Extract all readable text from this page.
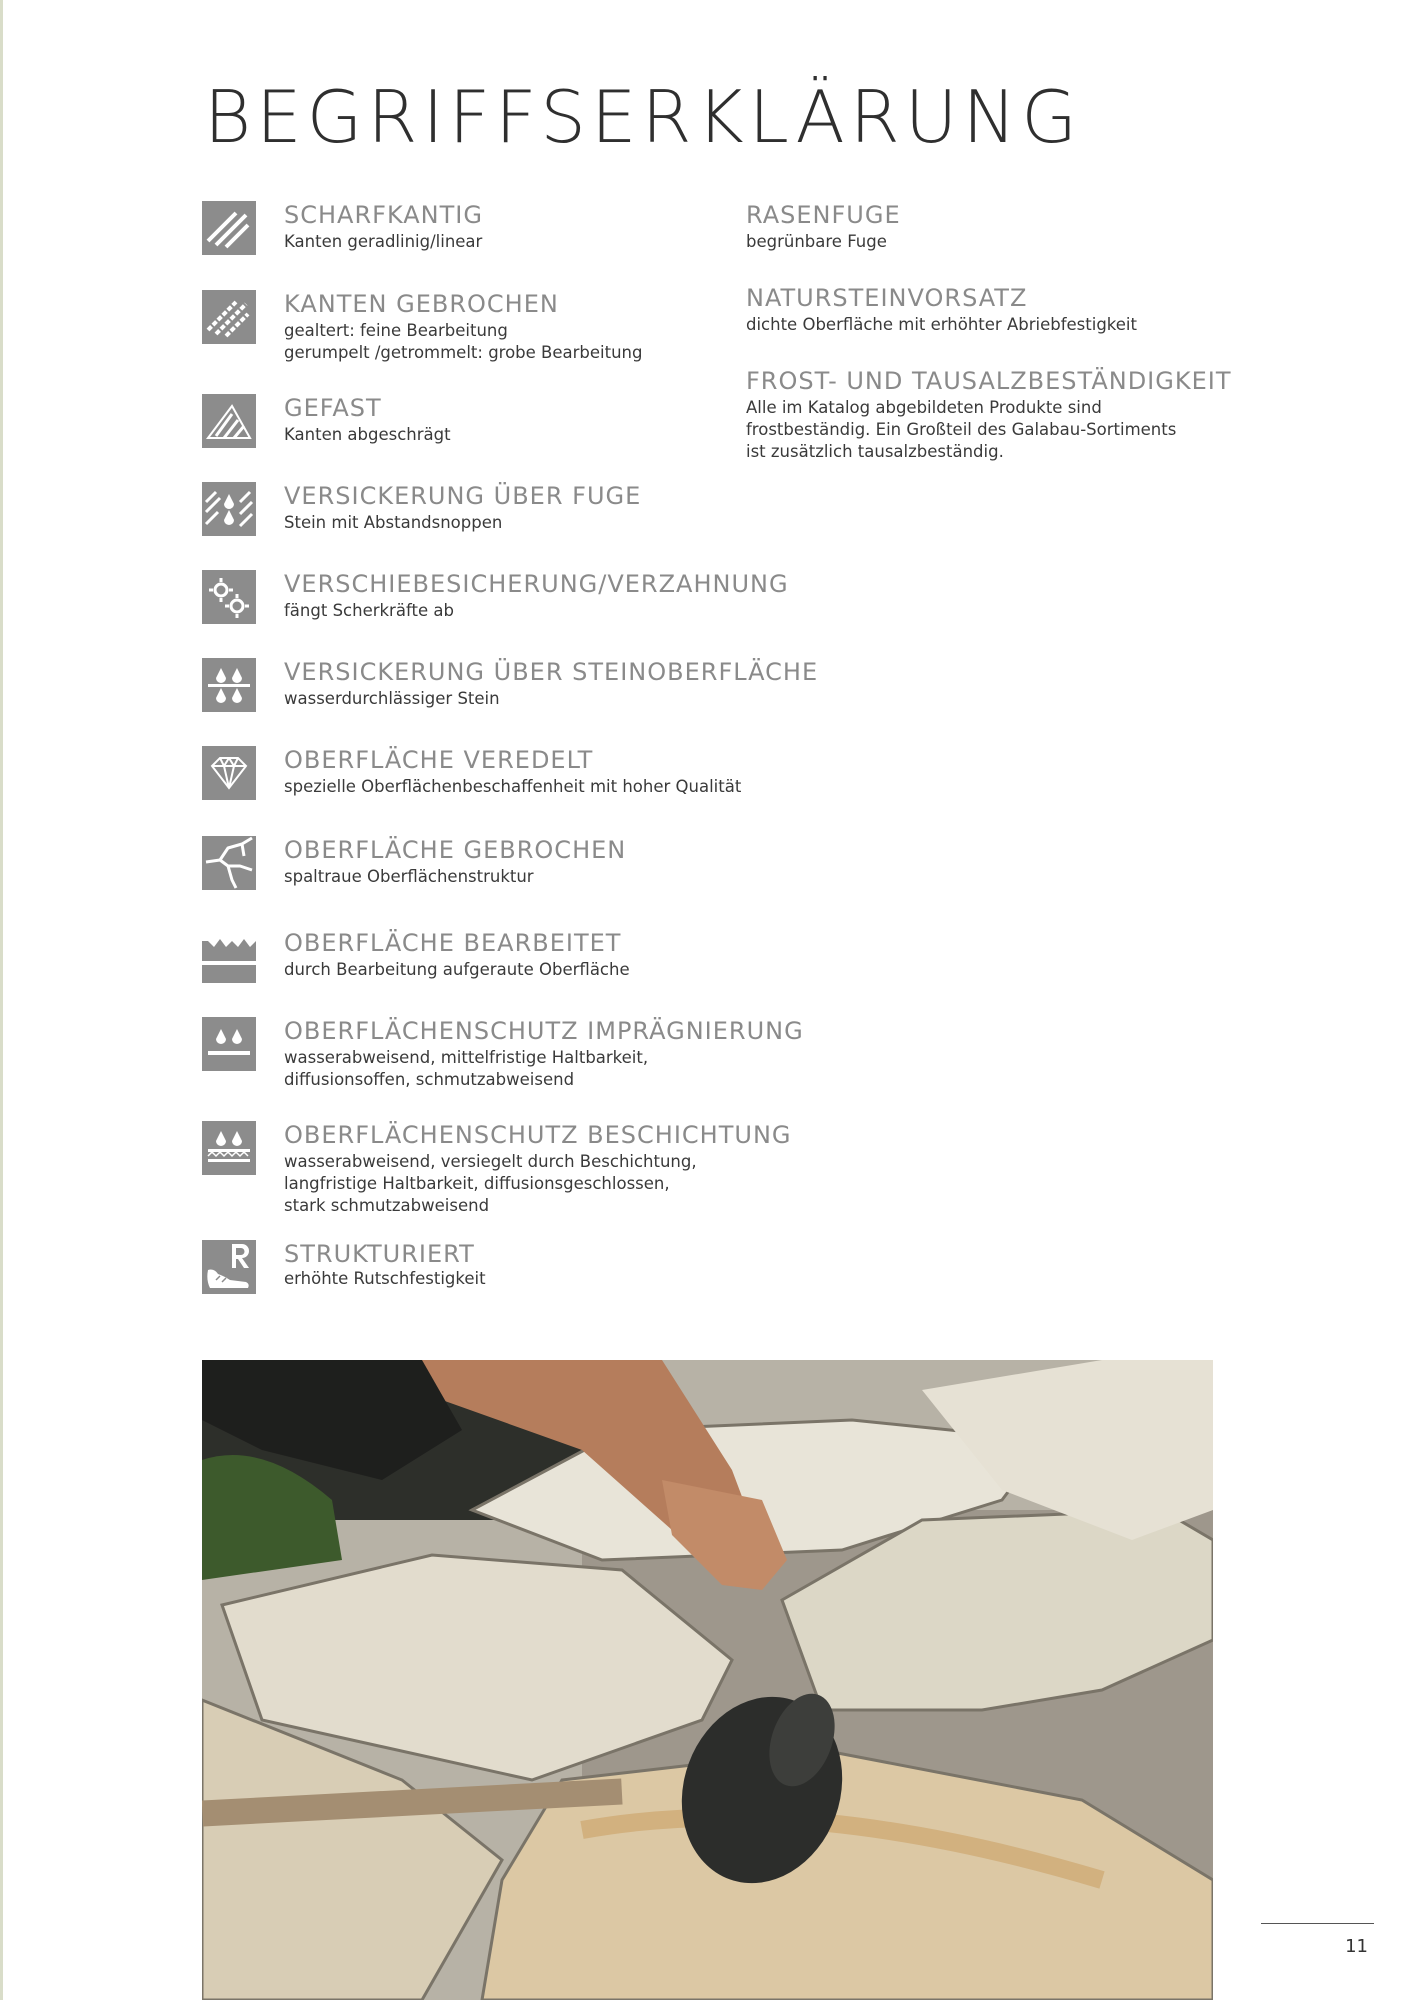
BEGRIFFSERKLÄRUNG
SCHARFKANTIG
Kanten geradlinig/linear
KANTEN GEBROCHEN
gealtert: feine Bearbeitung
gerumpelt /getrommelt: grobe Bearbeitung
GEFAST
Kanten abgeschrägt
VERSICKERUNG ÜBER FUGE
Stein mit Abstandsnoppen
VERSCHIEBESICHERUNG/VERZAHNUNG
fängt Scherkräfte ab
VERSICKERUNG ÜBER STEINOBERFLÄCHE
wasserdurchlässiger Stein
OBERFLÄCHE VEREDELT
spezielle Oberflächenbeschaffenheit mit hoher Qualität
OBERFLÄCHE GEBROCHEN
spaltraue Oberflächenstruktur
OBERFLÄCHE BEARBEITET
durch Bearbeitung aufgeraute Oberfläche
OBERFLÄCHENSCHUTZ IMPRÄGNIERUNG
wasserabweisend, mittelfristige Haltbarkeit,
diffusionsoffen, schmutzabweisend
OBERFLÄCHENSCHUTZ BESCHICHTUNG
wasserabweisend, versiegelt durch Beschichtung,
langfristige Haltbarkeit, diffusionsgeschlossen,
stark schmutzabweisend
STRUKTURIERT
erhöhte Rutschfestigkeit
RASENFUGE
begrünbare Fuge
NATURSTEINVORSATZ
dichte Oberfläche mit erhöhter Abriebfestigkeit
FROST- UND TAUSALZBESTÄNDIGKEIT
Alle im Katalog abgebildeten Produkte sind
frostbeständig. Ein Großteil des Galabau-Sortiments
ist zusätzlich tausalzbeständig.
11
